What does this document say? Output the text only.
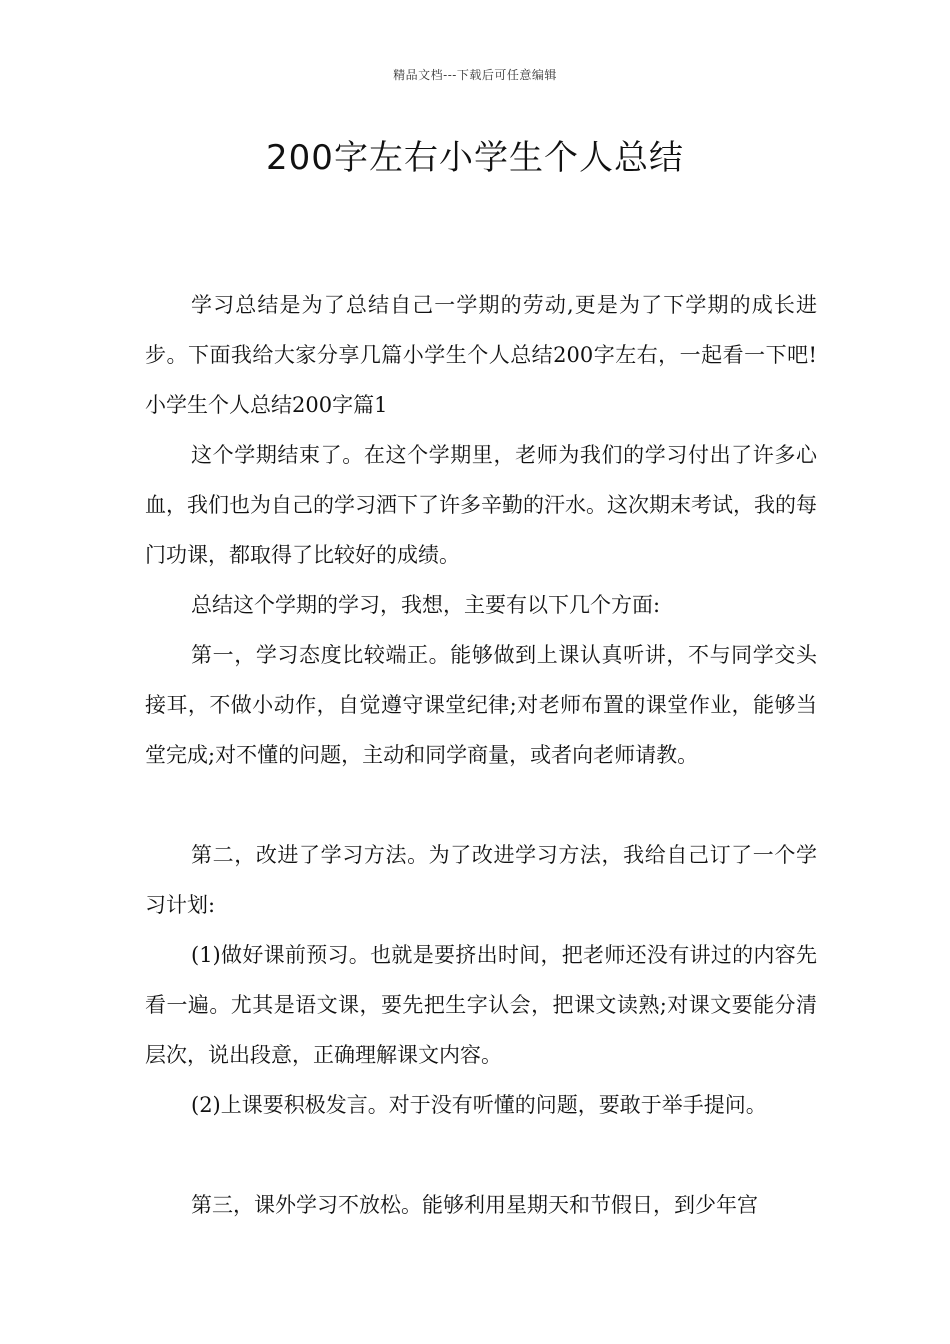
精品文档---下载后可任意编辑
200字左右小学生个人总结

学习总结是为了总结自己一学期的劳动,更是为了下学期的成长进步。下面我给大家分享几篇小学生个人总结200字左右，一起看一下吧!小学生个人总结200字篇1

这个学期结束了。在这个学期里，老师为我们的学习付出了许多心血，我们也为自己的学习洒下了许多辛勤的汗水。这次期末考试，我的每门功课，都取得了比较好的成绩。

总结这个学期的学习，我想，主要有以下几个方面:

第一，学习态度比较端正。能够做到上课认真听讲，不与同学交头接耳，不做小动作，自觉遵守课堂纪律;对老师布置的课堂作业，能够当堂完成;对不懂的问题，主动和同学商量，或者向老师请教。

第二，改进了学习方法。为了改进学习方法，我给自己订了一个学习计划:

(1)做好课前预习。也就是要挤出时间，把老师还没有讲过的内容先看一遍。尤其是语文课，要先把生字认会，把课文读熟;对课文要能分清层次，说出段意，正确理解课文内容。

(2)上课要积极发言。对于没有听懂的问题，要敢于举手提问。

第三，课外学习不放松。能够利用星期天和节假日，到少年宫
